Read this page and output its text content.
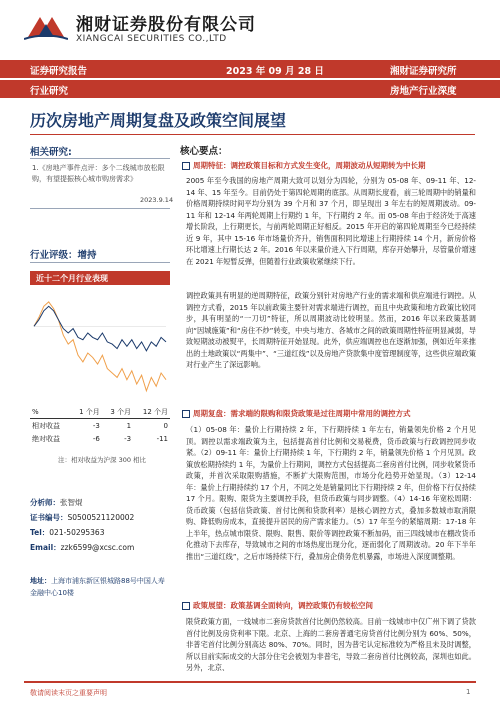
湘财证券股份有限公司
XIANGCAI SECURITIES CO.,LTD
证券研究报告	2023 年 09 月 28 日	湘财证券研究所
行业研究	房地产行业深度
历次房地产周期复盘及政策空间展望
相关研究:
1.《房地产事件点评：多个二线城市放松限购，有望提振核心城市购房需求》
2023.9.14
行业评级：增持
近十二个月行业表现
%	1 个月	3 个月	12 个月
相对收益	-3	1	0
绝对收益	-6	-3	-11
注：相对收益为沪深 300 相比
分析师：张智焜
证书编号：S0500521120002
Tel：021-50295363
Email：zzk6599@xcsc.com
地址：上海市浦东新区银城路88号中国人寿金融中心10楼
核心要点：
周期特征：调控政策目标和方式发生变化，周期波动从短期转为中长期

2005 年至今我国的房地产周期大致可以划分为四轮，分别为 05-08 年、09-11 年、12-14 年、15 年至今。目前仍处于第四轮周期的底部。从周期长度看，前三轮周期中的销量和价格周期持续时间平均分别为 39 个月和 37 个月，即呈现出 3 年左右的短周期波动。09-11 年和 12-14 年两轮周期上行期约 1 年，下行期约 2 年。而 05-08 年由于经济处于高速增长阶段，上行期更长，与前两轮周期正好相反。2015 年开启的第四轮周期至今已经持续近 9 年，其中 15-16 年市场量价齐升，销售面积同比增速上行期持续 14 个月，新房价格环比增速上行期长达 2 年。2016 年以来量价进入下行周期，库存开始攀升，尽管量价增速在 2021 年短暂反弹，但随着行业政策收紧继续下行。

调控政策具有明显的逆周期特征，政策分别针对房地产行业的需求端和供应端进行调控。从调控方式看，2015 年以前政策主要针对需求端进行调控，而且中央政策和地方政策比较同步，具有明显的“一刀切”特征，所以周期波动比较明显。然而，2016 年以来政策基调向“因城施策”和“房住不炒”转变，中央与地方、各城市之间的政策周期性特征明显减弱，导致短期波动被熨平，长周期特征开始显现。此外，供应端调控也在逐渐加强，例如近年来推出的土地政策以“两集中”、“三道红线”以及房地产贷款集中度管理制度等，这些供应端政策对行业产生了深远影响。

周期复盘：需求端的限购和限贷政策是过往周期中常用的调控方式

（1）05-08 年：量价上行期持续 2 年，下行期持续 1 年左右，销量领先价格 2 个月见顶。调控以需求端政策为主，包括提高首付比例和交易税费，货币政策与行政调控同步收紧。（2）09-11 年：量价上行期持续 1 年，下行期约 2 年，销量领先价格 1 个月见顶。政策放松期持续约 1 年，为量价上行期间，调控方式包括提高二套房首付比例，同步收紧货币政策，并首次采取限购措施，不断扩大限购范围，市场分化趋势开始显现。（3）12-14 年：量价上行期持续约 17 个月，不同之处是销量同比下行期持续 2 年，但价格下行仅持续 17 个月。限购、限贷为主要调控手段，但货币政策与同步调整。（4）14-16 年宽松周期：货币政策（包括信贷政策、首付比例和贷款利率）是核心调控方式，叠加多数城市取消限购、降低购房成本，直接提升居民的房产需求能力。（5）17 年至今的紧缩周期：17-18 年上半年，热点城市限贷、限购、限售、限价等调控政策不断加码，而三四线城市在棚改货币化推动下去库存，导致城市之间的市场热度出现分化，逐而弱化了周期波动。20 年下半年推出“三道红线”，之后市场持续下行，叠加房企债务危机暴露，市场进入深度调整期。

政策展望：政策基调全面转向，调控政策仍有较松空间

限贷政策方面，一线城市二套房贷款首付比例仍然较高。目前一线城市中仅广州下调了贷款首付比例及房贷利率下限。北京、上海的二套房普通宅房贷首付比例分别为 60%、50%，非普宅首付比例分别高达 80%、70%。同时，因为普宅认定标准较为严格且未及时调整，所以目前实际成交的大部分住宅会被划为非普宅，导致二套房首付比例较高，深圳也如此。另外，北京、

敬请阅读末页之重要声明	1
